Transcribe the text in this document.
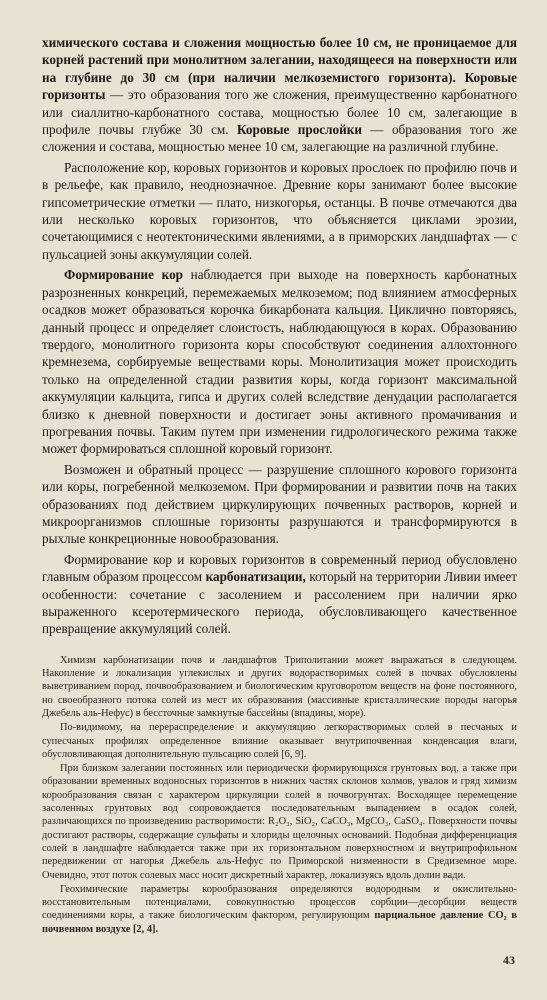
химического состава и сложения мощностью более 10 см, не проницаемое для корней растений при монолитном залегании, находящееся на поверхности или на глубине до 30 см (при наличии мелкоземистого горизонта). Коровые горизонты — это образования того же сложения, преимущественно карбонатного или сиаллитно-карбонатного состава, мощностью более 10 см, залегающие в профиле почвы глубже 30 см. Коровые прослойки — образования того же сложения и состава, мощностью менее 10 см, залегающие на различной глубине.

Расположение кор, коровых горизонтов и коровых прослоек по профилю почв и в рельефе, как правило, неоднозначное. Древние коры занимают более высокие гипсометрические отметки — плато, низкогорья, останцы. В почве отмечаются два или несколько коровых горизонтов, что объясняется циклами эрозии, сочетающимися с неотектоническими явлениями, а в приморских ландшафтах — с пульсацией зоны аккумуляции солей.

Формирование кор наблюдается при выходе на поверхность карбонатных разрозненных конкреций, перемежаемых мелкоземом; под влиянием атмосферных осадков может образоваться корочка бикарбоната кальция. Циклично повторяясь, данный процесс и определяет слоистость, наблюдающуюся в корах. Образованию твердого, монолитного горизонта коры способствуют соединения аллохтонного кремнезема, сорбируемые веществами коры. Монолитизация может происходить только на определенной стадии развития коры, когда горизонт максимальной аккумуляции кальцита, гипса и других солей вследствие денудации располагается близко к дневной поверхности и достигает зоны активного промачивания и прогревания почвы. Таким путем при изменении гидрологического режима также может формироваться сплошной коровый горизонт.

Возможен и обратный процесс — разрушение сплошного корового горизонта или коры, погребенной мелкоземом. При формировании и развитии почв на таких образованиях под действием циркулирующих почвенных растворов, корней и микроорганизмов сплошные горизонты разрушаются и трансформируются в рыхлые конкреционные новообразования.

Формирование кор и коровых горизонтов в современный период обусловлено главным образом процессом карбонатизации, который на территории Ливии имеет особенности: сочетание с засолением и рассолением при наличии ярко выраженного ксеротермического периода, обусловливающего качественное превращение аккумуляций солей.

Химизм карбонатизации почв и ландшафтов Триполитании может выражаться в следующем. Накопление и локализация углекислых и других водорастворимых солей в почвах обусловлены выветриванием пород, почвообразованием и биологическим круговоротом веществ на фоне постоянного, но своеобразного потока солей из мест их образования (массивные кристаллические породы нагорья Джебель аль-Нефус) в бессточные замкнутые бассейны (впадины, море).

По-видимому, на перераспределение и аккумуляцию легкорастворимых солей в песчаных и супесчаных профилях определенное влияние оказывает внутрипочвенная конденсация влаги, обусловливающая дополнительную пульсацию солей [6, 9].

При близком залегании постоянных или периодически формирующихся грунтовых вод, а также при образовании временных водоносных горизонтов в нижних частях склонов холмов, увалов и гряд химизм корообразования связан с характером циркуляции солей в почвогрунтах. Восходящее перемещение засоленных грунтовых вод сопровождается последовательным выпадением в осадок солей, различающихся по произведению растворимости: R₂O₃, SiO₂, CaCO₃, MgCO₃, CaSO₄. Поверхности почвы достигают растворы, содержащие сульфаты и хлориды щелочных оснований. Подобная дифференциация солей в ландшафте наблюдается также при их горизонтальном поверхностном и внутрипрофильном передвижении от нагорья Джебель аль-Нефус по Приморской низменности в Средиземное море. Очевидно, этот поток солевых масс носит дискретный характер, локализуясь вдоль долин вади.

Геохимические параметры корообразования определяются водородным и окислительно-восстановительным потенциалами, совокупностью процессов сорбции—десорбции веществ соединениями коры, а также биологическим фактором, регулирующим парциальное давление CO₂ в почвенном воздухе [2, 4].

43
